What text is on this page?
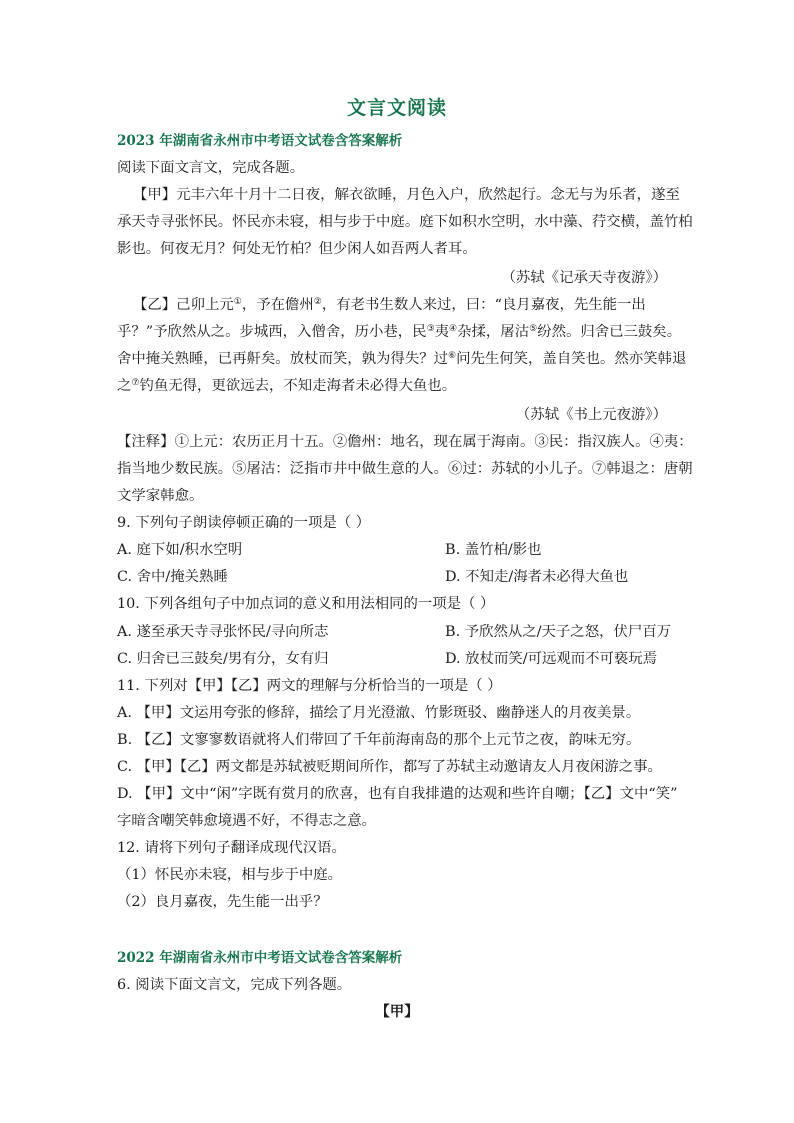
文言文阅读
2023 年湖南省永州市中考语文试卷含答案解析
阅读下面文言文，完成各题。
【甲】元丰六年十月十二日夜，解衣欲睡，月色入户，欣然起行。念无与为乐者，遂至
承天寺寻张怀民。怀民亦未寝，相与步于中庭。庭下如积水空明，水中藻、荇交横，盖竹柏
影也。何夜无月？何处无竹柏？但少闲人如吾两人者耳。
（苏轼《记承天寺夜游》）
【乙】己卯上元①，予在儋州②，有老书生数人来过，曰：“良月嘉夜，先生能一出
乎？”予欣然从之。步城西，入僧舍，历小巷，民③夷④杂揉，屠沽⑤纷然。归舍已三鼓矣。
舍中掩关熟睡，已再鼾矣。放杖而笑，孰为得失？过⑥问先生何笑，盖自笑也。然亦笑韩退
之⑦钓鱼无得，更欲远去，不知走海者未必得大鱼也。
（苏轼《书上元夜游》）
【注释】①上元：农历正月十五。②儋州：地名，现在属于海南。③民：指汉族人。④夷：
指当地少数民族。⑤屠沽：泛指市井中做生意的人。⑥过：苏轼的小儿子。⑦韩退之：唐朝
文学家韩愈。
9. 下列句子朗读停顿正确的一项是（ ）
A. 庭下如/积水空明	B. 盖竹柏/影也
C. 舍中/掩关熟睡	D. 不知走/海者未必得大鱼也
10. 下列各组句子中加点词的意义和用法相同的一项是（ ）
A. 遂至承天寺寻张怀民/寻向所志	B. 予欣然从之/天子之怒，伏尸百万
C. 归舍已三鼓矣/男有分，女有归	D. 放杖而笑/可远观而不可亵玩焉
11. 下列对【甲】【乙】两文的理解与分析恰当的一项是（ ）
A. 【甲】文运用夸张的修辞，描绘了月光澄澈、竹影斑驳、幽静迷人的月夜美景。
B. 【乙】文寥寥数语就将人们带回了千年前海南岛的那个上元节之夜，韵味无穷。
C. 【甲】【乙】两文都是苏轼被贬期间所作，都写了苏轼主动邀请友人月夜闲游之事。
D. 【甲】文中“闲”字既有赏月的欣喜，也有自我排遣的达观和些许自嘲；【乙】文中“笑”
字暗含嘲笑韩愈境遇不好，不得志之意。
12. 请将下列句子翻译成现代汉语。
（1）怀民亦未寝，相与步于中庭。
（2）良月嘉夜，先生能一出乎？
2022 年湖南省永州市中考语文试卷含答案解析
6. 阅读下面文言文，完成下列各题。
【甲】
